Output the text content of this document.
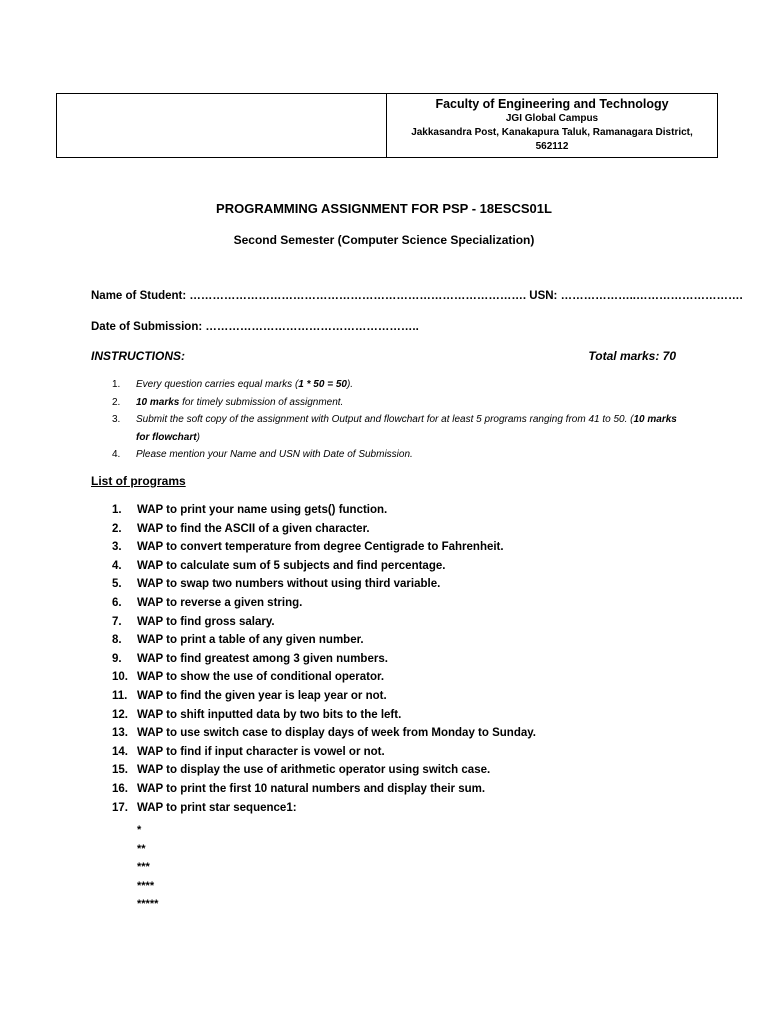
Faculty of Engineering and Technology
JGI Global Campus
Jakkasandra Post, Kanakapura Taluk, Ramanagara District,
562112
PROGRAMMING ASSIGNMENT FOR PSP - 18ESCS01L
Second Semester (Computer Science Specialization)
Name of Student: ……………………………………………………………………………. USN: ………………..……………………….
Date of Submission: ………………………………………………..
INSTRUCTIONS:	Total marks: 70
1.	Every question carries equal marks (1 * 50 = 50).
2.	10 marks for timely submission of assignment.
3.	Submit the soft copy of the assignment with Output and flowchart for at least 5 programs ranging from 41 to 50. (10 marks for flowchart)
4.	Please mention your Name and USN with Date of Submission.
List of programs
1.	WAP to print your name using gets() function.
2.	WAP to find the ASCII of a given character.
3.	WAP to convert temperature from degree Centigrade to Fahrenheit.
4.	WAP to calculate sum of 5 subjects and find percentage.
5.	WAP to swap two numbers without using third variable.
6.	WAP to reverse a given string.
7.	WAP to find gross salary.
8.	WAP to print a table of any given number.
9.	WAP to find greatest among 3 given numbers.
10. WAP to show the use of conditional operator.
11. WAP to find the given year is leap year or not.
12. WAP to shift inputted data by two bits to the left.
13. WAP to use switch case to display days of week from Monday to Sunday.
14. WAP to find if input character is vowel or not.
15. WAP to display the use of arithmetic operator using switch case.
16. WAP to print the first 10 natural numbers and display their sum.
17. WAP to print star sequence1:
*
**
***
****
*****
